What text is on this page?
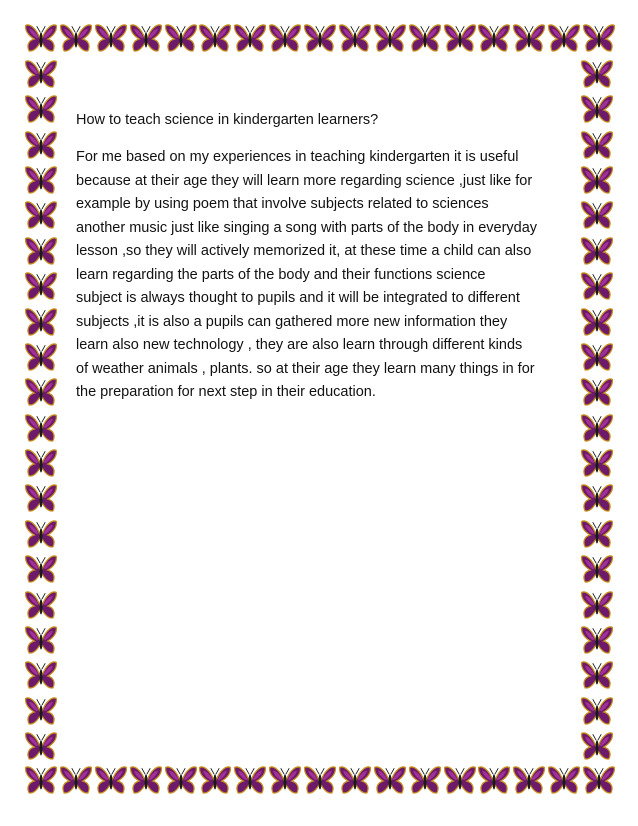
How to teach science in kindergarten learners?
For me based on my experiences in teaching kindergarten it is useful
because at their age they will learn more regarding science ,just like for
example by using poem that involve subjects related to sciences
another music just like singing a song with parts of the body in everyday
lesson ,so they will actively memorized it, at these time a child can also
learn regarding the parts of the body and their functions science
subject is always thought to pupils and it will be integrated to different
subjects ,it is also a pupils can gathered more new information they
learn also new technology , they are also learn through different kinds
of weather animals , plants. so at their age they learn many things in for
the preparation for next step in their education.
